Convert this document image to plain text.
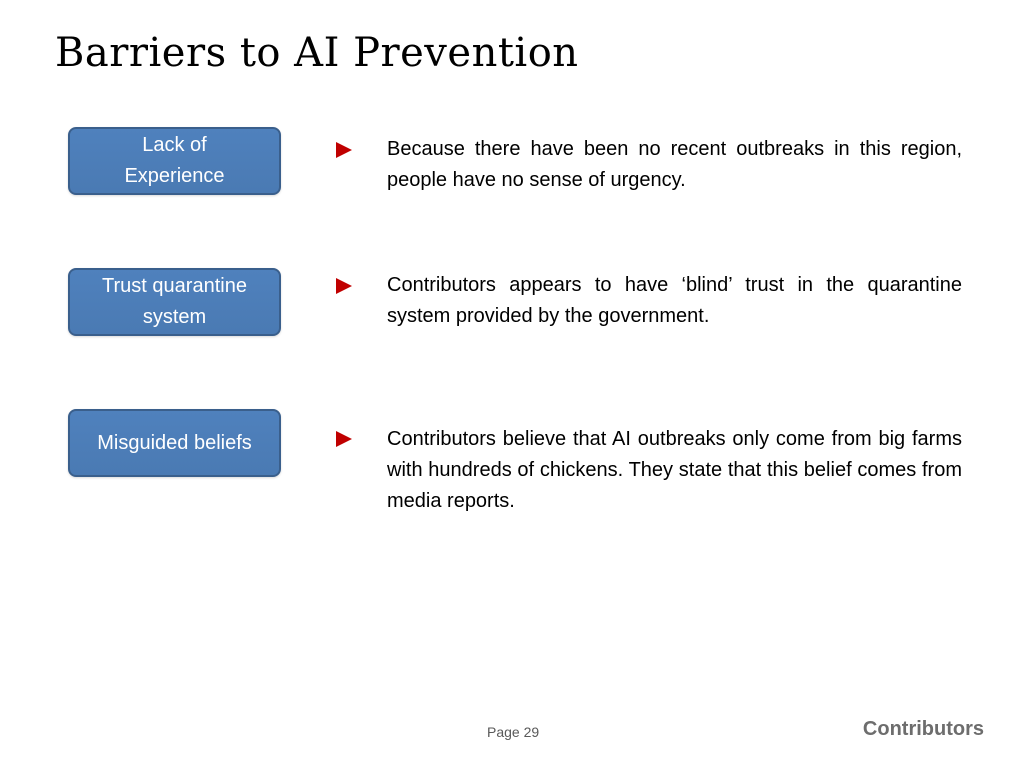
Barriers to AI Prevention
Lack of Experience

Because there have been no recent outbreaks in this region, people have no sense of urgency.

Trust quarantine system

Contributors appears to have ‘blind’ trust in the quarantine system provided by the government.

Misguided beliefs	Contributors believe that AI outbreaks only come from big farms with hundreds of chickens. They state that this belief comes from media reports.

Page 29	Contributors
